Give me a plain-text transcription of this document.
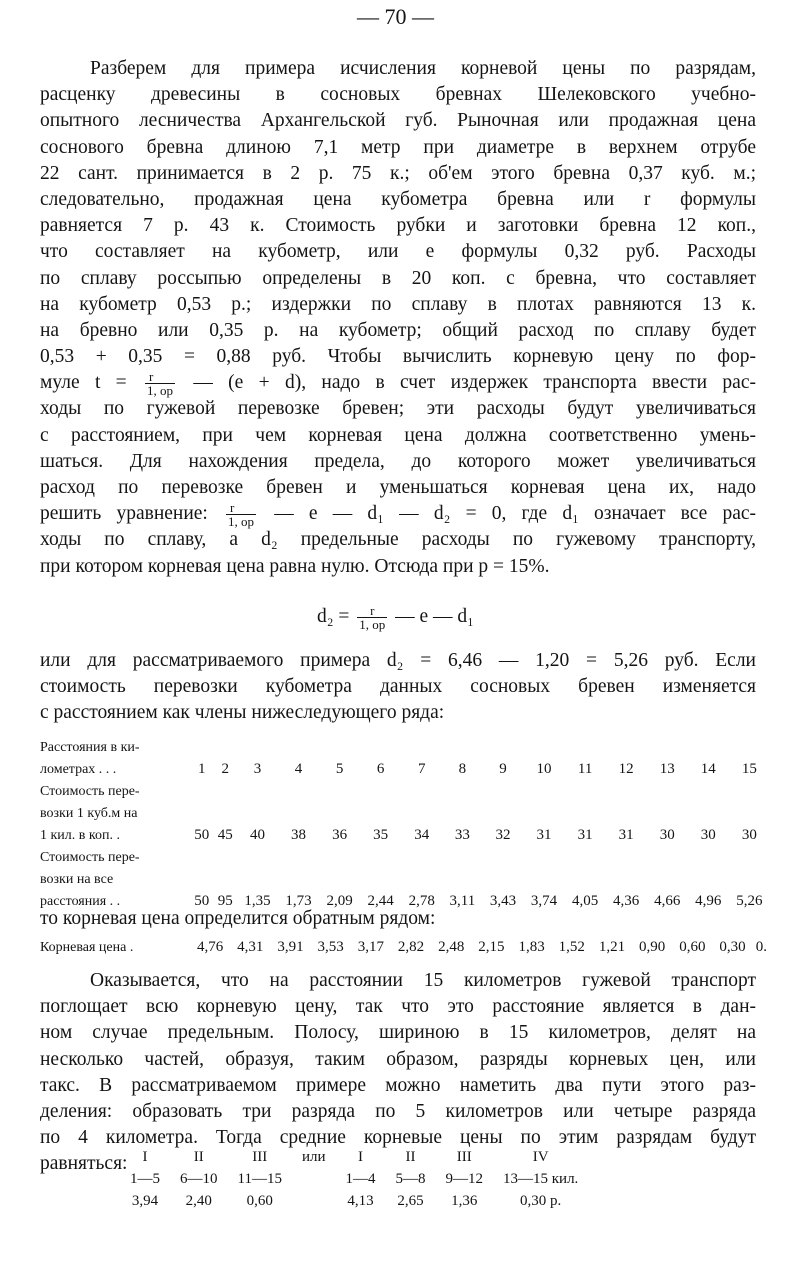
— 70 —
Разберем для примера исчисления корневой цены по разрядам,
расценку древесины в сосновых бревнах Шелековского учебно-
опытного лесничества Архангельской губ. Рыночная или продажная цена
соснового бревна длиною 7,1 метр при диаметре в верхнем отрубе
22 сант. принимается в 2 р. 75 к.; об'ем этого бревна 0,37 куб. м.;
следовательно, продажная цена кубометра бревна или r формулы
равняется 7 р. 43 к. Стоимость рубки и заготовки бревна 12 коп.,
что составляет на кубометр, или е формулы 0,32 руб. Расходы
по сплаву россыпью определены в 20 коп. с бревна, что составляет
на кубометр 0,53 р.; издержки по сплаву в плотах равняются 13 к.
на бревно или 0,35 р. на кубометр; общий расход по сплаву будет
0,53 + 0,35 = 0,88 руб. Чтобы вычислить корневую цену по фор-
муле $t = \frac{r}{1, op}$ — (e + d), надо в счет издержек транспорта ввести рас-
ходы по гужевой перевозке бревен; эти расходы будут увеличиваться
с расстоянием, при чем корневая цена должна соответственно умень-
шаться. Для нахождения предела, до которого может увеличиваться
расход по перевозке бревен и уменьшаться корневая цена их, надо
решить уравнение: $\frac{r}{1, op}$ — e — d₁ — d₂ = 0, где d₁ означает все рас-
ходы по сплаву, а d₂ предельные расходы по гужевому транспорту,
при котором корневая цена равна нулю. Отсюда при p = 15%.
$d_2 = \frac{r}{1, op}$ — e — d₁
или для рассматриваемого примера d₂ = 6,46 — 1,20 = 5,26 руб. Если
стоимость перевозки кубометра данных сосновых бревен изменяется
с расстоянием как члены нижеследующего ряда:
Расстояния в ки-															
лометрах . . .	1	2	3	4	5	6	7	8	9	10	11	12	13	14	15
Стоимость пере-															
возки 1 куб.м на															
1 кил. в коп. .	50	45	40	38	36	35	34	33	32	31	31	31	30	30	30
Стоимость пере-															
возки на все															
расстояния . .	50	95	1,35	1,73	2,09	2,44	2,78	3,11	3,43	3,74	4,05	4,36	4,66	4,96	5,26
то корневая цена определится обратным рядом:
Корневая цена .	4,76	4,31	3,91	3,53	3,17	2,82	2,48	2,15	1,83	1,52	1,21	0,90	0,60	0,30	0.
Оказывается, что на расстоянии 15 километров гужевой транспорт
поглощает всю корневую цену, так что это расстояние является в дан-
ном случае предельным. Полосу, шириною в 15 километров, делят на
несколько частей, образуя, таким образом, разряды корневых цен, или
такс. В рассматриваемом примере можно наметить два пути этого раз-
деления: образовать три разряда по 5 километров или четыре разряда
по 4 километра. Тогда средние корневые цены по этим разрядам будут
равняться:	I	II	III	или	I	II	III	IV
1—5	6—10	11—15		1—4	5—8	9—12	13—15 кил.
3,94	2,40	0,60		4,13	2,65	1,36	0,30 р.
